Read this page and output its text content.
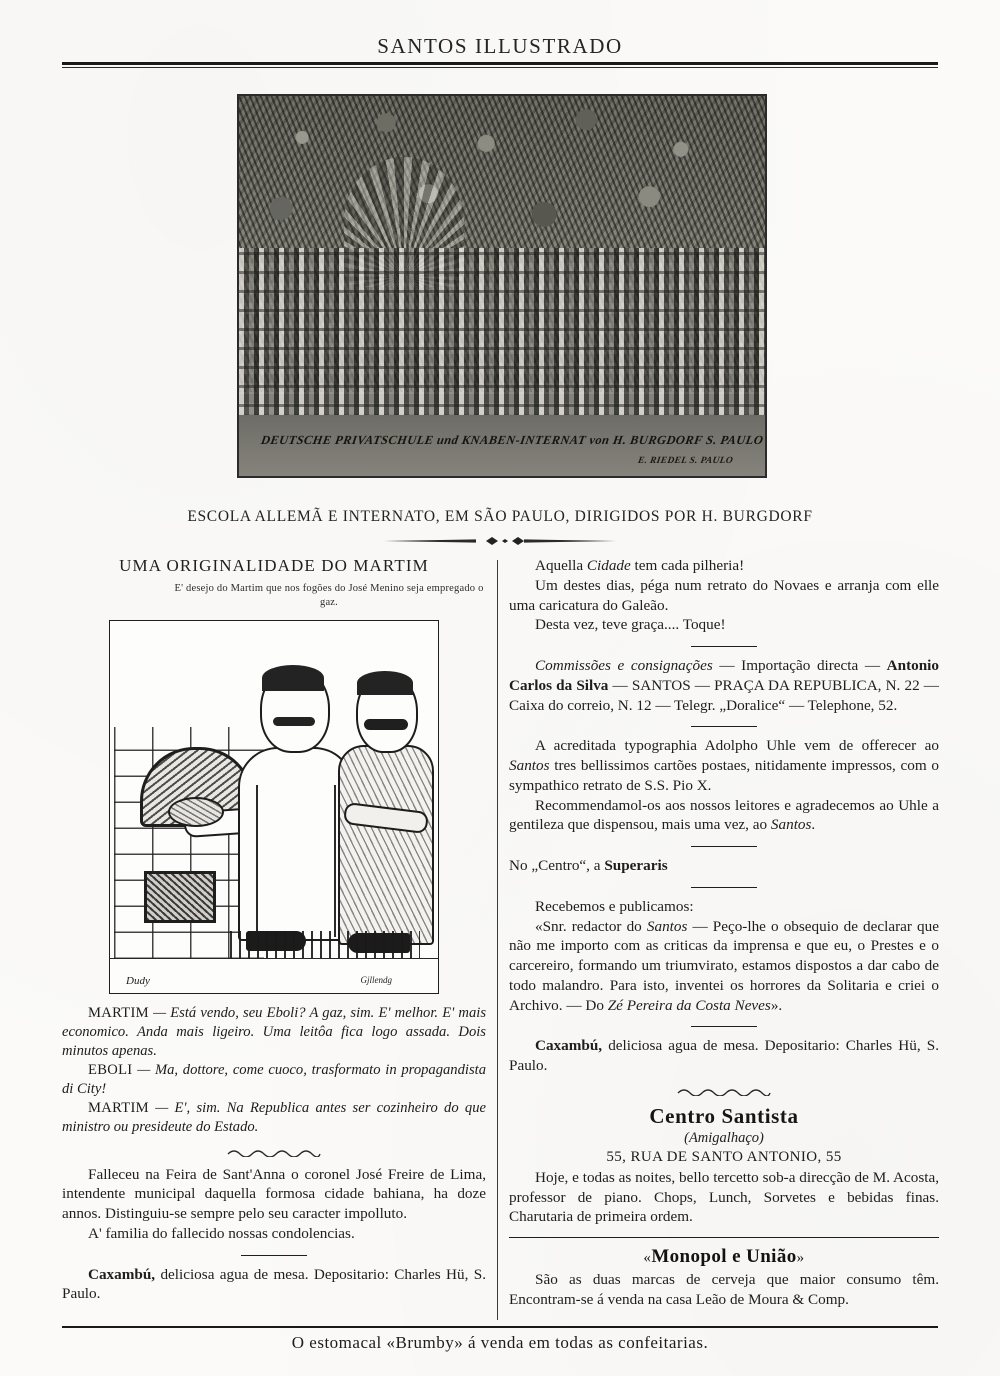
SANTOS ILLUSTRADO
DEUTSCHE PRIVATSCHULE und KNABEN-INTERNAT von H. BURGDORF S. PAULO
E. RIEDEL S. PAULO
ESCOLA ALLEMÃ E INTERNATO, EM SÃO PAULO, DIRIGIDOS POR H. BURGDORF
UMA ORIGINALIDADE DO MARTIM
E' desejo do Martim que nos fogões do José Menino seja empregado o gaz.
Dudy	Gjllendg

MARTIM — Está vendo, seu Eboli? A gaz, sim. E' melhor. E' mais economico. Anda mais ligeiro. Uma leitôa fica logo assada. Dois minutos apenas.

EBOLI — Ma, dottore, come cuoco, trasformato in propagandista di City!

MARTIM — E', sim. Na Republica antes ser cozinheiro do que ministro ou presideute do Estado.

Falleceu na Feira de Sant'Anna o coronel José Freire de Lima, intendente municipal daquella formosa cidade bahiana, ha doze annos. Distinguiu-se sempre pelo seu caracter impolluto.

A' familia do fallecido nossas condolencias.

Caxambú, deliciosa agua de mesa. Depositario: Charles Hü, S. Paulo.

Aquella Cidade tem cada pilheria!

Um destes dias, péga num retrato do Novaes e arranja com elle uma caricatura do Galeão.

Desta vez, teve graça.... Toque!

Commissões e consignações — Importação directa — Antonio Carlos da Silva — SANTOS — PRAÇA DA REPUBLICA, N. 22 — Caixa do correio, N. 12 — Telegr. „Doralice“ — Telephone, 52.

A acreditada typographia Adolpho Uhle vem de offerecer ao Santos tres bellissimos cartões postaes, nitidamente impressos, com o sympathico retrato de S.S. Pio X.

Recommendamol-os aos nossos leitores e agradecemos ao Uhle a gentileza que dispensou, mais uma vez, ao Santos.

No „Centro“, a Superaris

Recebemos e publicamos:

«Snr. redactor do Santos — Peço-lhe o obsequio de declarar que não me importo com as criticas da imprensa e que eu, o Prestes e o carcereiro, formando um triumvirato, estamos dispostos a dar cabo de todo malandro. Para isto, inventei os horrores da Solitaria e criei o Archivo. — Do Zé Pereira da Costa Neves».

Caxambú, deliciosa agua de mesa. Depositario: Charles Hü, S. Paulo.

Centro Santista
(Amigalhaço)
55, RUA DE SANTO ANTONIO, 55

Hoje, e todas as noites, bello tercetto sob-a direcção de M. Acosta, professor de piano. Chops, Lunch, Sorvetes e bebidas finas. Charutaria de primeira ordem.

«Monopol e União»

São as duas marcas de cerveja que maior consumo têm. Encontram-se á venda na casa Leão de Moura & Comp.

O estomacal «Brumby» á venda em todas as confeitarias.
